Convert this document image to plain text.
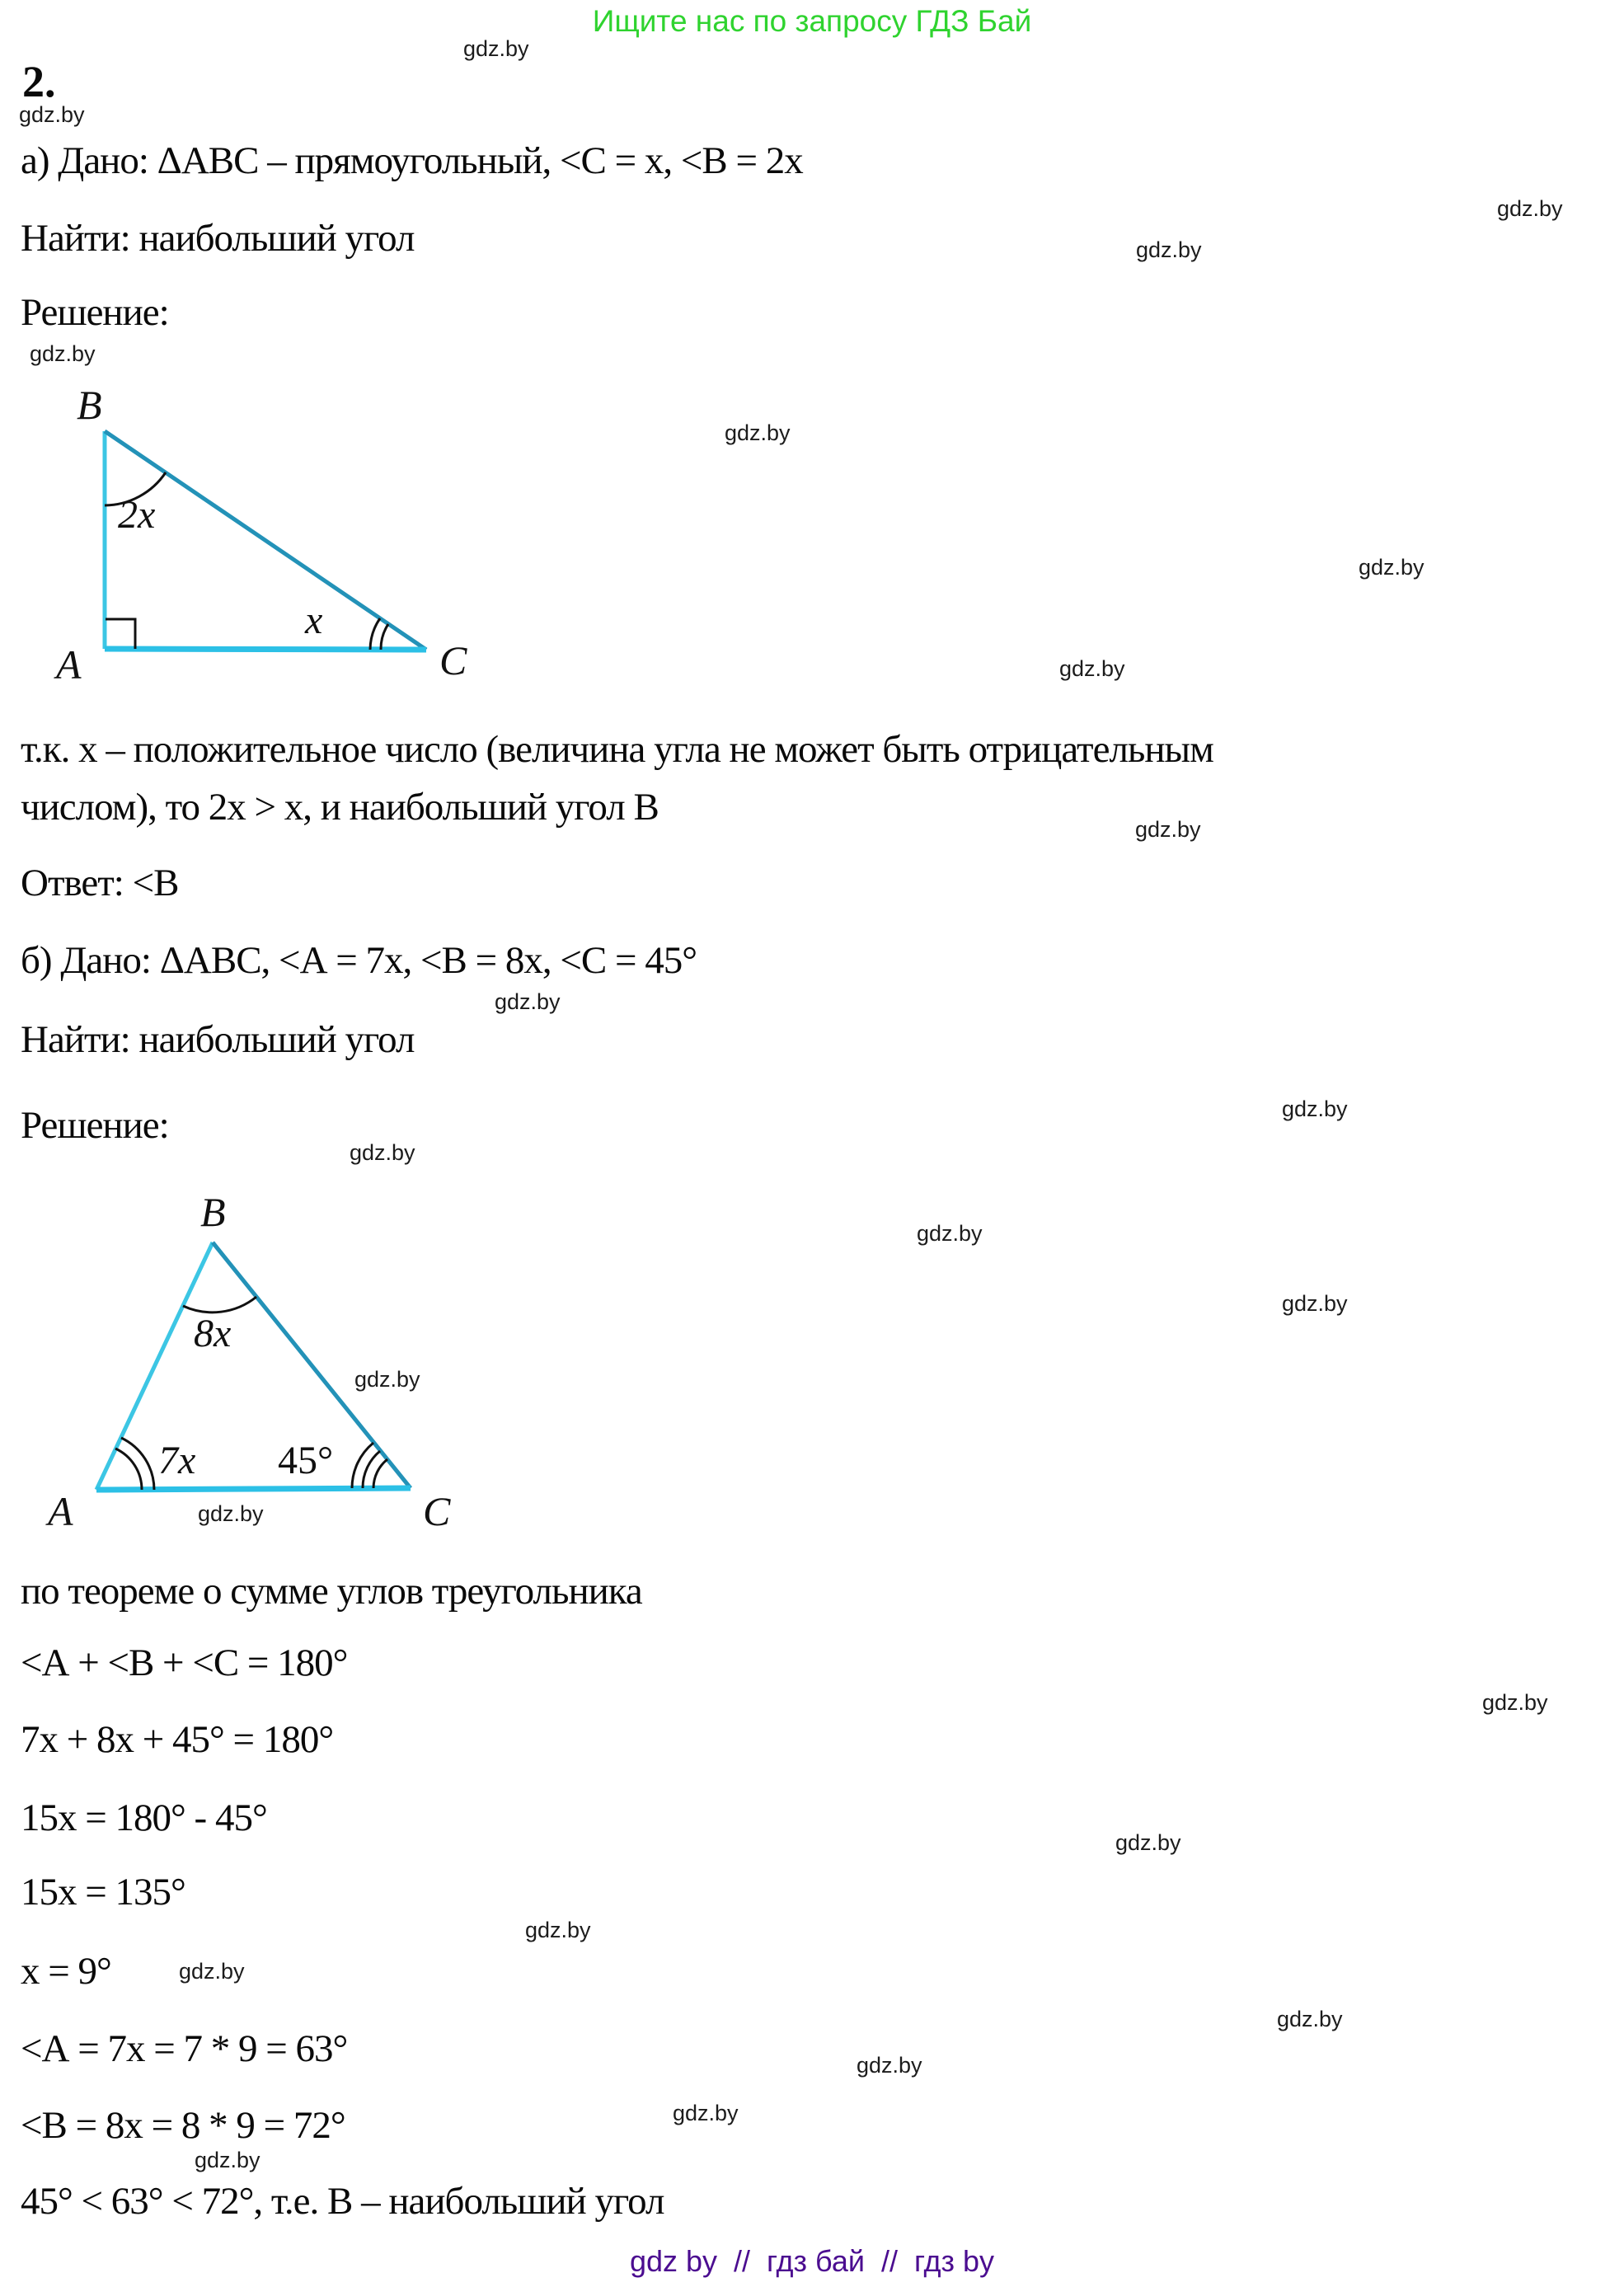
Ищите нас по запросу ГДЗ Бай
2.
а) Дано: ΔАВС – прямоугольный, <С = х, <В = 2х
Найти: наибольший угол
Решение:
B
A	C
2x
x
т.к. х – положительное число (величина угла не может быть отрицательным
числом), то 2х > х, и наибольший угол В
Ответ: <В
б) Дано: ΔАВС, <А = 7х, <В = 8х, <С = 45°
Найти: наибольший угол
Решение:
B
A	C
8x
7x 45°
по теореме о сумме углов треугольника
<А + <В + <С = 180°
7х + 8х + 45° = 180°
15х = 180° - 45°
15х = 135°
х = 9°
<А = 7х = 7 * 9 = 63°
<В = 8х = 8 * 9 = 72°
45° < 63° < 72°, т.е. В – наибольший угол
gdz by  //  гдз бай  //  гдз by
gdz.by
gdz.by
gdz.by
gdz.by
gdz.by
gdz.by
gdz.by
gdz.by
gdz.by
gdz.by
gdz.by
gdz.by
gdz.by
gdz.by
gdz.by
gdz.by
gdz.by
gdz.by
gdz.by
gdz.by
gdz.by
gdz.by
gdz.by
gdz.by
